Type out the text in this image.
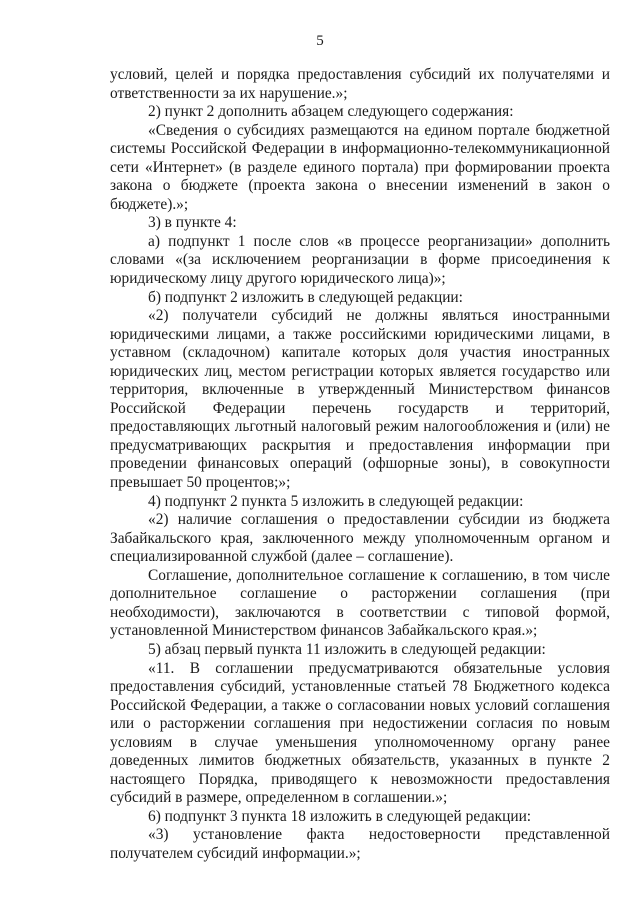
5

условий, целей и порядка предоставления субсидий их получателями и ответственности за их нарушение.»;

2) пункт 2 дополнить абзацем следующего содержания:

«Сведения о субсидиях размещаются на едином портале бюджетной системы Российской Федерации в информационно-телекоммуникационной сети «Интернет» (в разделе единого портала) при формировании проекта закона о бюджете (проекта закона о внесении изменений в закон о бюджете).»;

3) в пункте 4:

а) подпункт 1 после слов «в процессе реорганизации» дополнить словами «(за исключением реорганизации в форме присоединения к юридическому лицу другого юридического лица)»;

б) подпункт 2 изложить в следующей редакции:

«2) получатели субсидий не должны являться иностранными юридическими лицами, а также российскими юридическими лицами, в уставном (складочном) капитале которых доля участия иностранных юридических лиц, местом регистрации которых является государство или территория, включенные в утвержденный Министерством финансов Российской Федерации перечень государств и территорий, предоставляющих льготный налоговый режим налогообложения и (или) не предусматривающих раскрытия и предоставления информации при проведении финансовых операций (офшорные зоны), в совокупности превышает 50 процентов;»;

4) подпункт 2 пункта 5 изложить в следующей редакции:

«2) наличие соглашения о предоставлении субсидии из бюджета Забайкальского края, заключенного между уполномоченным органом и специализированной службой (далее – соглашение).

Соглашение, дополнительное соглашение к соглашению, в том числе дополнительное соглашение о расторжении соглашения (при необходимости), заключаются в соответствии с типовой формой, установленной Министерством финансов Забайкальского края.»;

5) абзац первый пункта 11 изложить в следующей редакции:

«11. В соглашении предусматриваются обязательные условия предоставления субсидий, установленные статьей 78 Бюджетного кодекса Российской Федерации, а также о согласовании новых условий соглашения или о расторжении соглашения при недостижении согласия по новым условиям в случае уменьшения уполномоченному органу ранее доведенных лимитов бюджетных обязательств, указанных в пункте 2 настоящего Порядка, приводящего к невозможности предоставления субсидий в размере, определенном в соглашении.»;

6) подпункт 3 пункта 18 изложить в следующей редакции:

«3) установление факта недостоверности представленной получателем субсидий информации.»;
